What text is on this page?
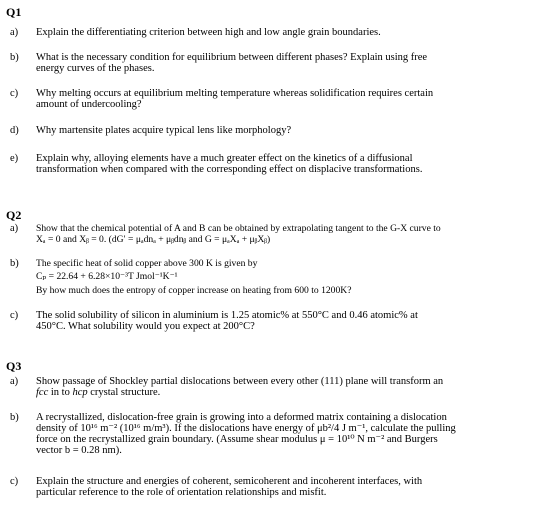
Q1
a) Explain the differentiating criterion between high and low angle grain boundaries.
b) What is the necessary condition for equilibrium between different phases? Explain using free
energy curves of the phases.
c) Why melting occurs at equilibrium melting temperature whereas solidification requires certain
amount of undercooling?
d) Why martensite plates acquire typical lens like morphology?
e) Explain why, alloying elements have a much greater effect on the kinetics of a diffusional
transformation when compared with the corresponding effect on displacive transformations.
Q2
a) Show that the chemical potential of A and B can be obtained by extrapolating tangent to the G-X curve to
Xₐ = 0 and Xᵦ = 0. (dG′ = μₐdnₐ + μᵦdnᵦ and G = μₐXₐ + μᵦXᵦ)
b) The specific heat of solid copper above 300 K is given by
Cₚ = 22.64 + 6.28×10⁻³T Jmol⁻¹K⁻¹
By how much does the entropy of copper increase on heating from 600 to 1200K?
c) The solid solubility of silicon in aluminium is 1.25 atomic% at 550°C and 0.46 atomic% at
450°C. What solubility would you expect at 200°C?
Q3
a) Show passage of Shockley partial dislocations between every other (111) plane will transform an
fcc in to hcp crystal structure.
b) A recrystallized, dislocation-free grain is growing into a deformed matrix containing a dislocation
density of 10¹⁶ m⁻² (10¹⁶ m/m³). If the dislocations have energy of μb²/4 J m⁻¹, calculate the pulling
force on the recrystallized grain boundary. (Assume shear modulus μ = 10¹⁰ N m⁻² and Burgers
vector b = 0.28 nm).
c) Explain the structure and energies of coherent, semicoherent and incoherent interfaces, with
particular reference to the role of orientation relationships and misfit.
